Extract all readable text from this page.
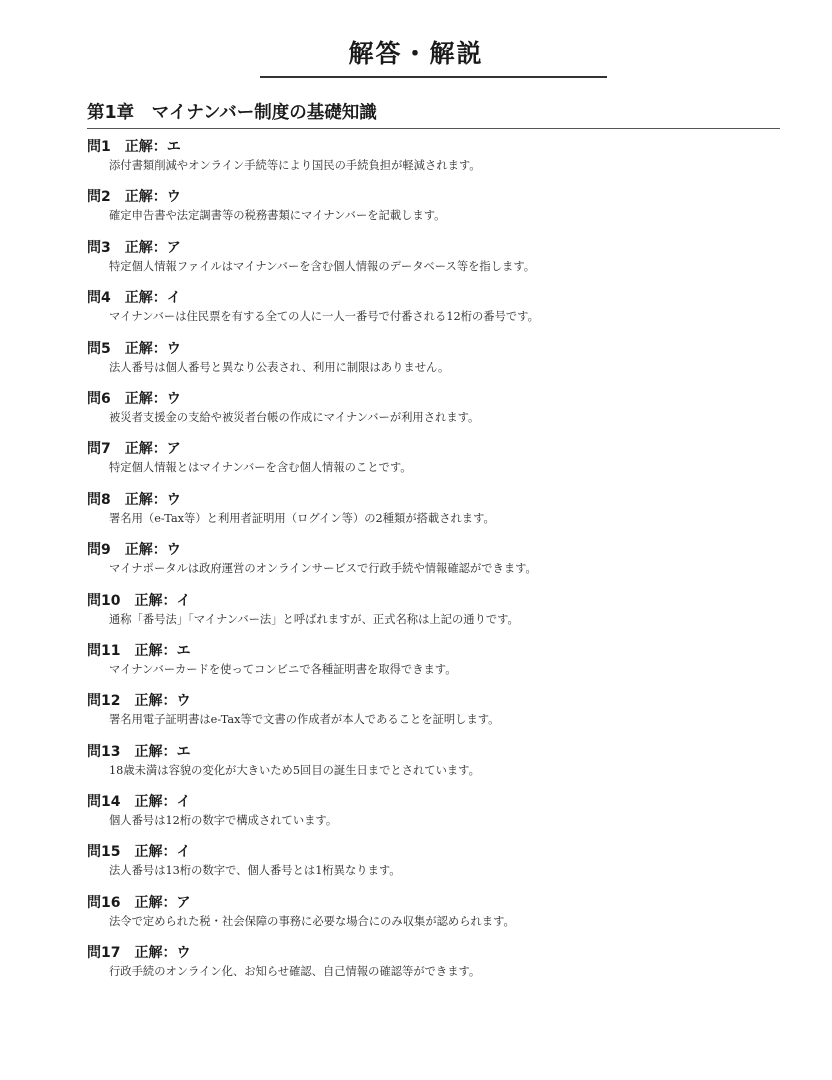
解答・解説
第1章　マイナンバー制度の基礎知識
問1 正解：エ
添付書類削減やオンライン手続等により国民の手続負担が軽減されます。
問2 正解：ウ
確定申告書や法定調書等の税務書類にマイナンバーを記載します。
問3 正解：ア
特定個人情報ファイルはマイナンバーを含む個人情報のデータベース等を指します。
問4 正解：イ
マイナンバーは住民票を有する全ての人に一人一番号で付番される12桁の番号です。
問5 正解：ウ
法人番号は個人番号と異なり公表され、利用に制限はありません。
問6 正解：ウ
被災者支援金の支給や被災者台帳の作成にマイナンバーが利用されます。
問7 正解：ア
特定個人情報とはマイナンバーを含む個人情報のことです。
問8 正解：ウ
署名用（e-Tax等）と利用者証明用（ログイン等）の2種類が搭載されます。
問9 正解：ウ
マイナポータルは政府運営のオンラインサービスで行政手続や情報確認ができます。
問10 正解：イ
通称「番号法」「マイナンバー法」と呼ばれますが、正式名称は上記の通りです。
問11 正解：エ
マイナンバーカードを使ってコンビニで各種証明書を取得できます。
問12 正解：ウ
署名用電子証明書はe-Tax等で文書の作成者が本人であることを証明します。
問13 正解：エ
18歳未満は容貌の変化が大きいため5回目の誕生日までとされています。
問14 正解：イ
個人番号は12桁の数字で構成されています。
問15 正解：イ
法人番号は13桁の数字で、個人番号とは1桁異なります。
問16 正解：ア
法令で定められた税・社会保障の事務に必要な場合にのみ収集が認められます。
問17 正解：ウ
行政手続のオンライン化、お知らせ確認、自己情報の確認等ができます。
